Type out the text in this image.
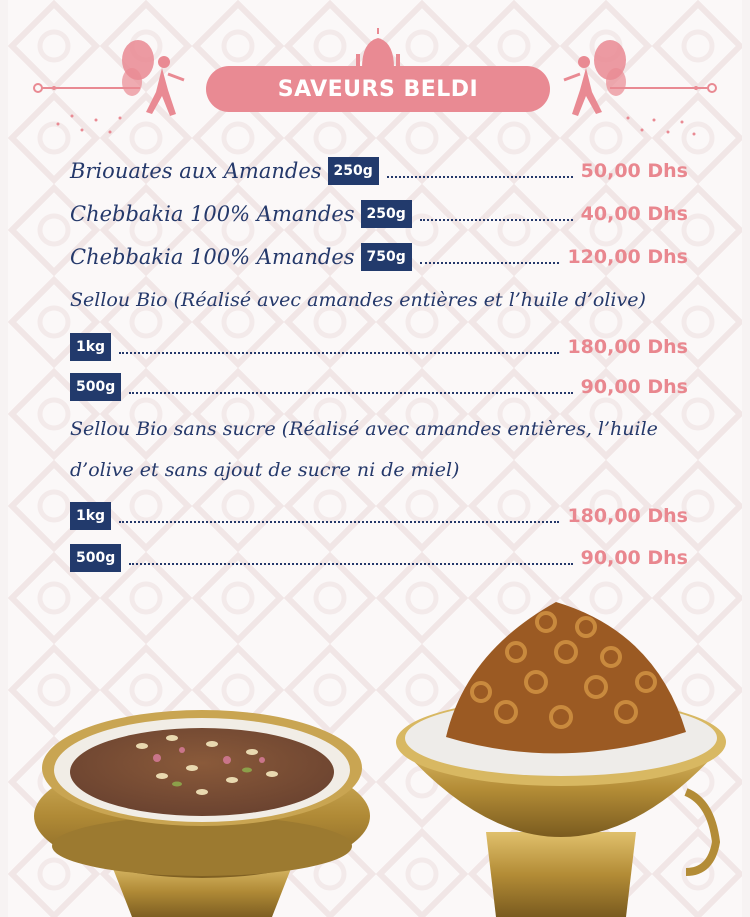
SAVEURS BELDI
Briouates aux Amandes 250g	50,00 Dhs
Chebbakia 100% Amandes 250g	40,00 Dhs
Chebbakia 100% Amandes 750g	120,00 Dhs
Sellou Bio (Réalisé avec amandes entières et l’huile d’olive)
1kg	180,00 Dhs
500g	90,00 Dhs
Sellou Bio sans sucre (Réalisé avec amandes entières, l’huile
d’olive et sans ajout de sucre ni de miel)
1kg	180,00 Dhs
500g	90,00 Dhs
